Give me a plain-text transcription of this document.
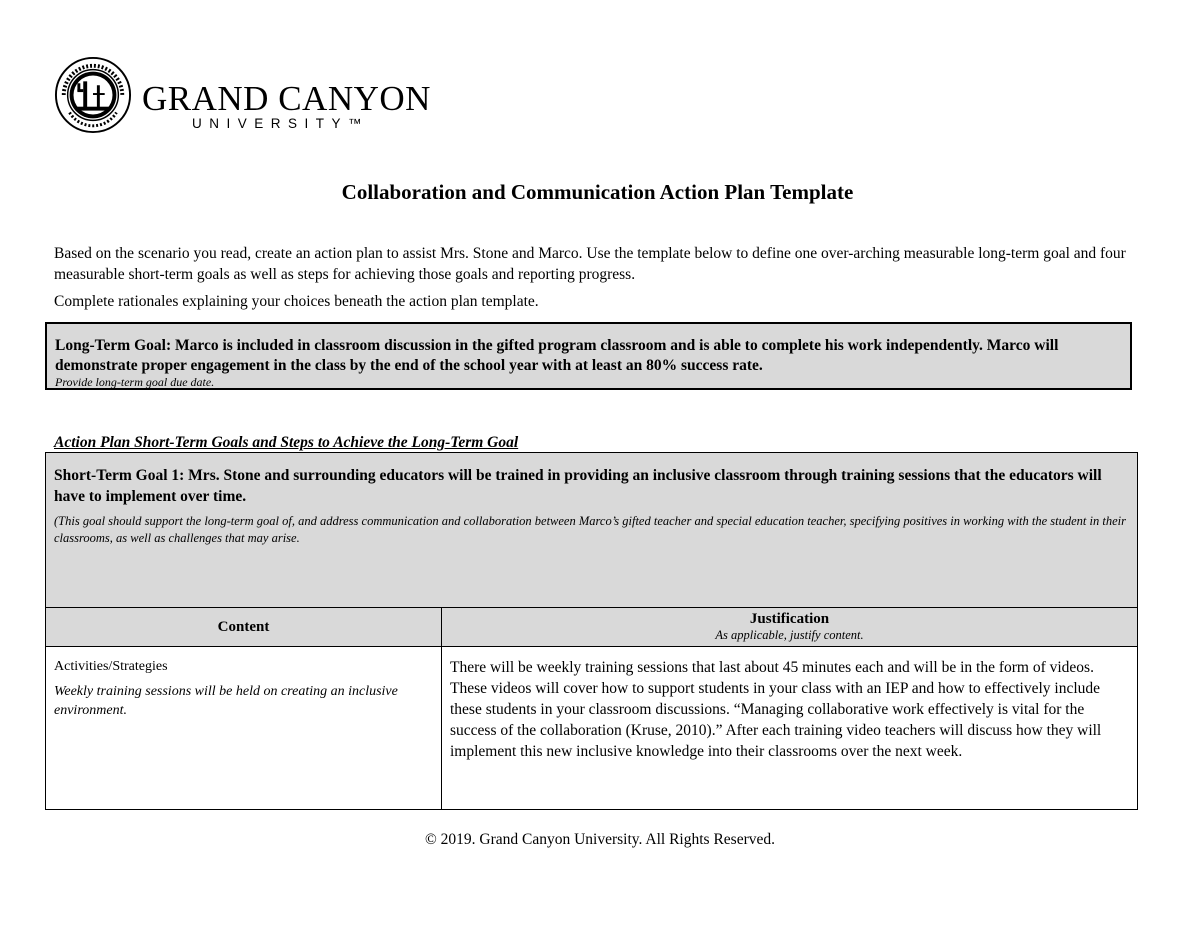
GRAND CANYON
UNIVERSITY™
Collaboration and Communication Action Plan Template

Based on the scenario you read, create an action plan to assist Mrs. Stone and Marco. Use the template below to define one over-arching measurable long-term goal and four measurable short-term goals as well as steps for achieving those goals and reporting progress.

Complete rationales explaining your choices beneath the action plan template.

Long-Term Goal: Marco is included in classroom discussion in the gifted program classroom and is able to complete his work independently. Marco will demonstrate proper engagement in the class by the end of the school year with at least an 80% success rate.
Provide long-term goal due date.
Action Plan Short-Term Goals and Steps to Achieve the Long-Term Goal
Short-Term Goal 1: Mrs. Stone and surrounding educators will be trained in providing an inclusive classroom through training sessions that the educators will have to implement over time.
(This goal should support the long-term goal of, and address communication and collaboration between Marco’s gifted teacher and special education teacher, specifying positives in working with the student in their classrooms, as well as challenges that may arise.	

Content	Justification
As applicable, justify content.

Activities/Strategies
Weekly training sessions will be held on creating an inclusive environment.	There will be weekly training sessions that last about 45 minutes each and will be in the form of videos. These videos will cover how to support students in your class with an IEP and how to effectively include these students in your classroom discussions. “Managing collaborative work effectively is vital for the success of the collaboration (Kruse, 2010).” After each training video teachers will discuss how they will implement this new inclusive knowledge into their classrooms over the next week.
© 2019. Grand Canyon University. All Rights Reserved.
